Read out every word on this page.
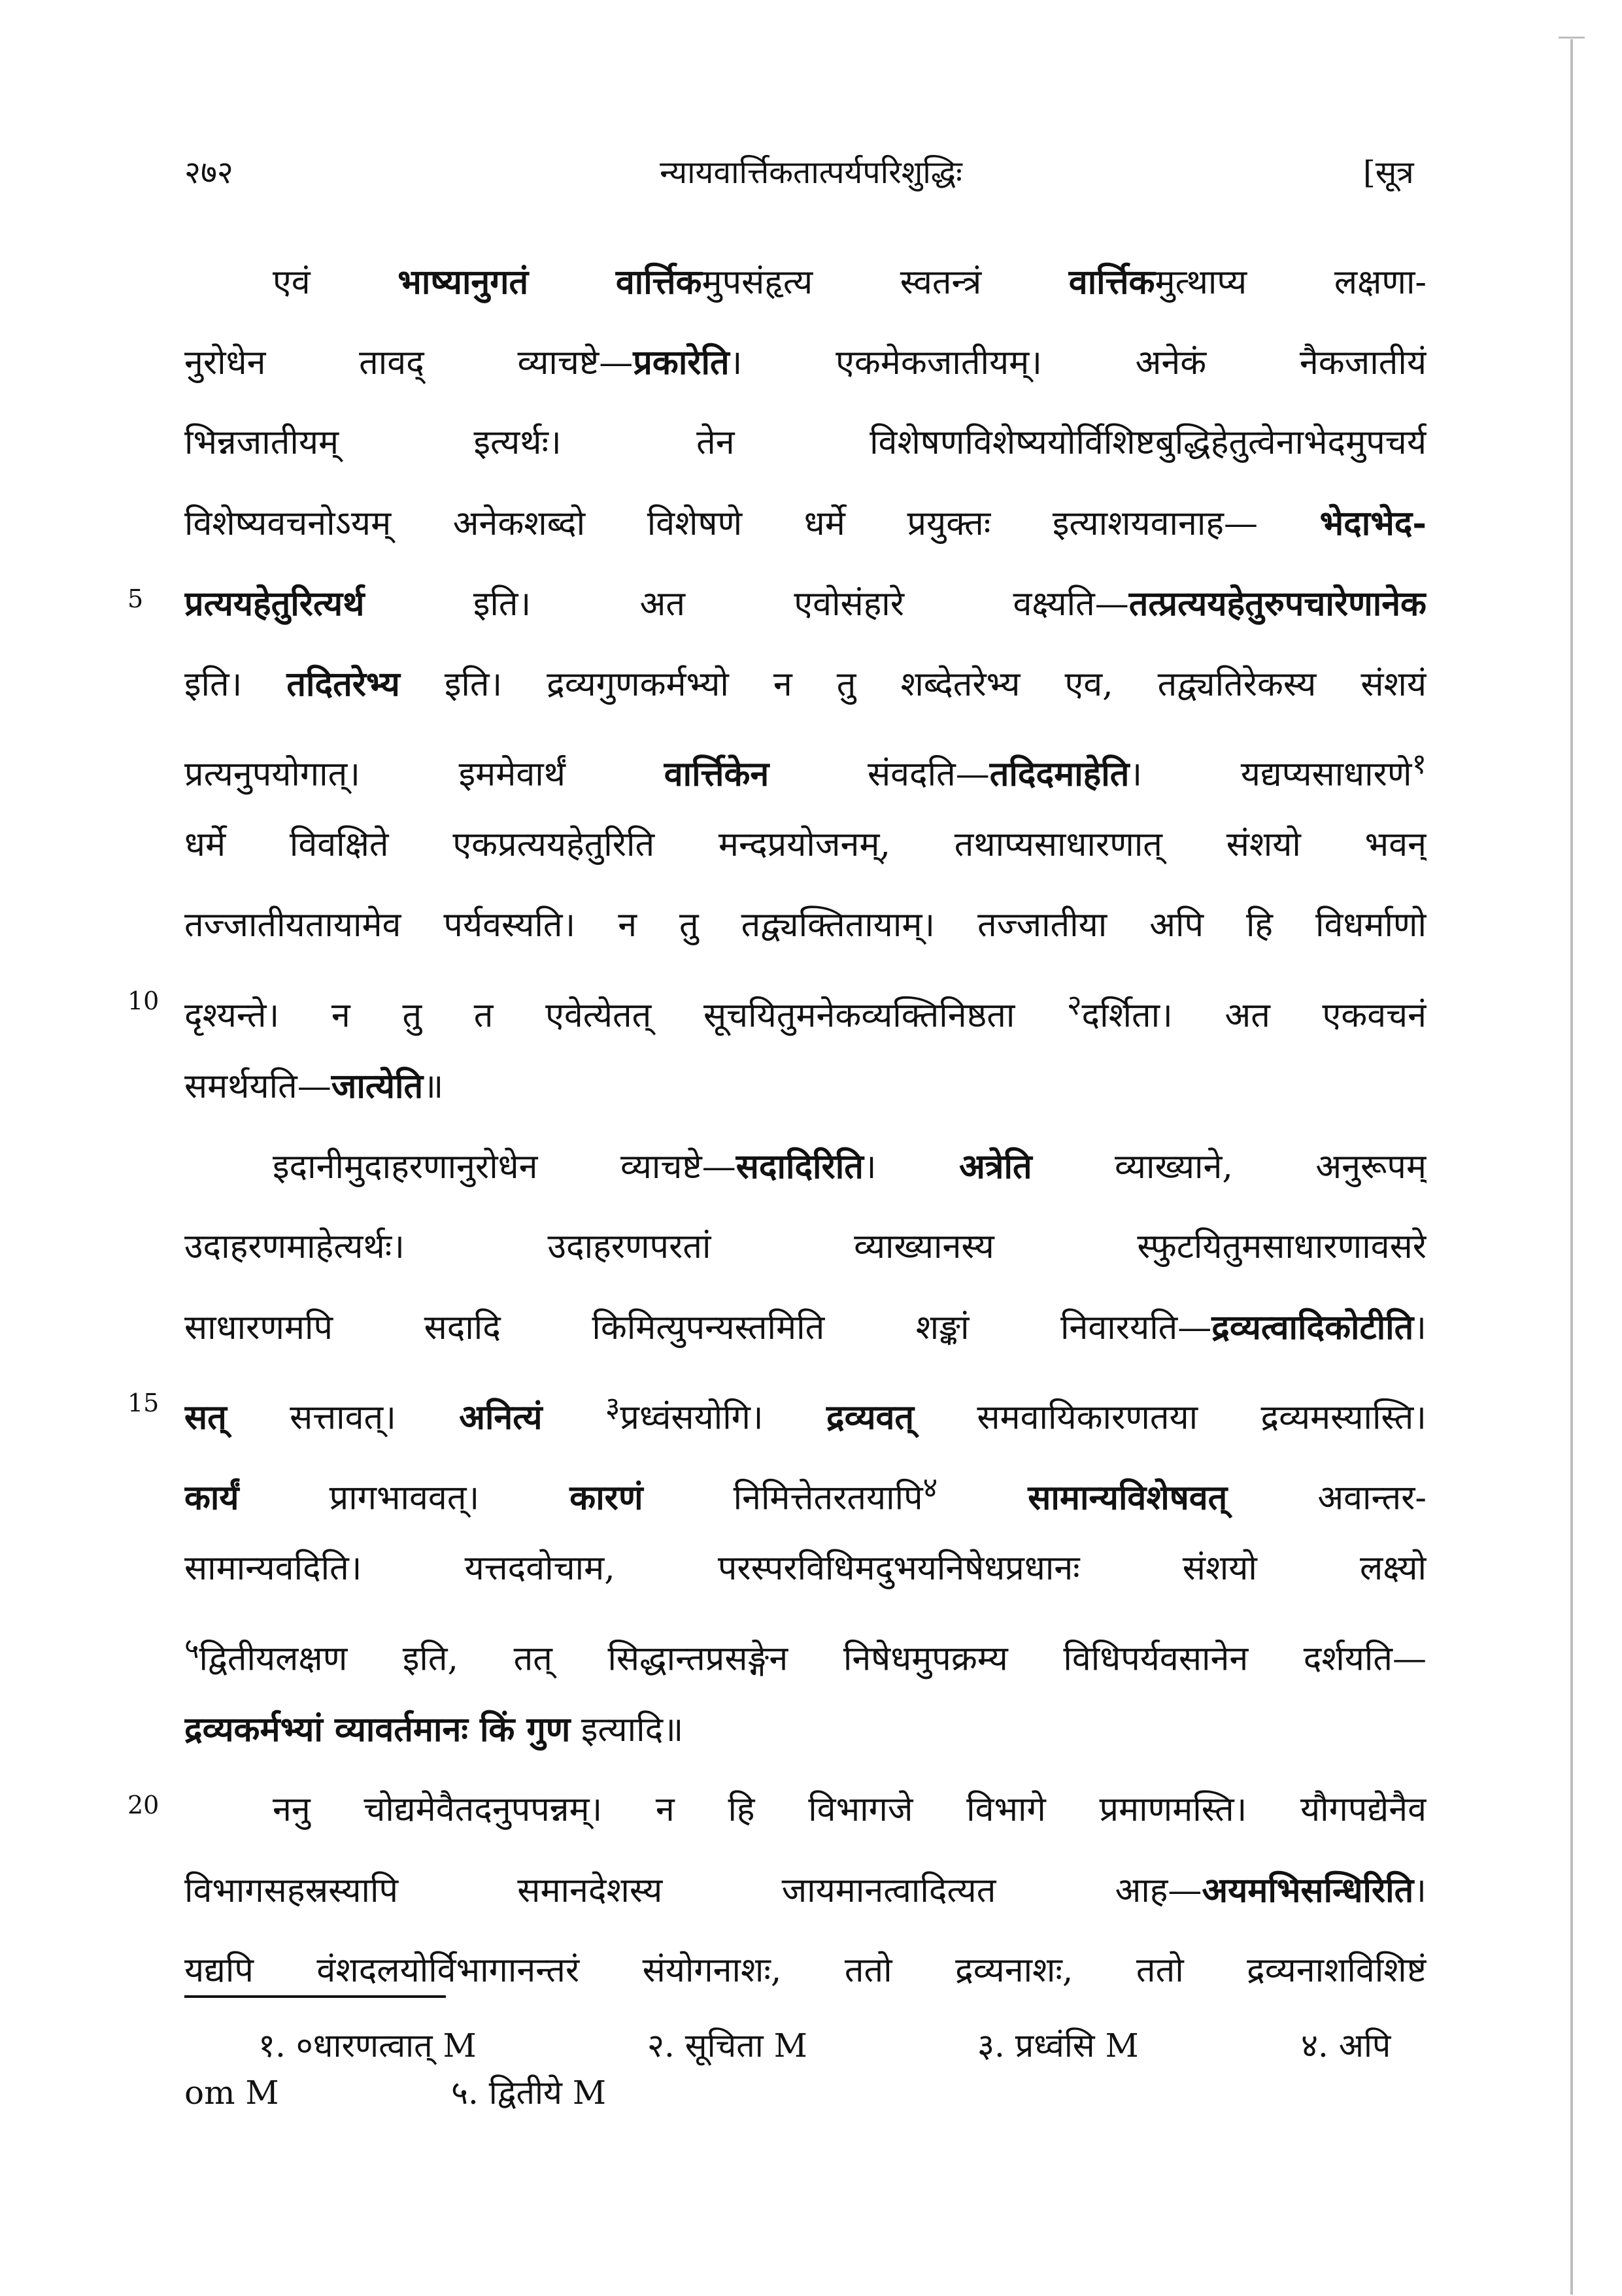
२७२	न्यायवार्त्तिकतात्पर्यपरिशुद्धिः	[सूत्र
5
10
15
20
एवं भाष्यानुगतं	वार्त्तिकमुपसंहृत्य स्वतन्त्रं वार्त्तिकमुत्थाप्य लक्षणा-
नुरोधेन तावद् व्याचष्टे—प्रकारेति। एकमेकजातीयम्। अनेकं नैकजातीयं
भिन्नजातीयम् इत्यर्थः। तेन विशेषणविशेष्ययोर्विशिष्टबुद्धिहेतुत्वेनाभेदमुपचर्य
विशेष्यवचनोऽयम् अनेकशब्दो विशेषणे धर्मे प्रयुक्तः इत्याशयवानाह— भेदाभेद-
प्रत्ययहेतुरित्यर्थ इति। अत एवोसंहारे वक्ष्यति—तत्प्रत्ययहेतुरुपचारेणानेक
इति। तदितरेभ्य इति। द्रव्यगुणकर्मभ्यो न तु शब्देतरेभ्य एव, तद्व्यतिरेकस्य संशयं
प्रत्यनुपयोगात्। इममेवार्थं वार्त्तिकेन संवदति—तदिदमाहेति। यद्यप्यसाधारणे$^१$
धर्मे विवक्षिते एकप्रत्ययहेतुरिति मन्दप्रयोजनम्, तथाप्यसाधारणात् संशयो भवन्
तज्जातीयतायामेव पर्यवस्यति। न तु तद्व्यक्तितायाम्। तज्जातीया अपि हि विधर्माणो
दृश्यन्ते। न तु त एवेत्येतत् सूचयितुमनेकव्यक्तिनिष्ठता $^२$दर्शिता। अत एकवचनं
समर्थयति—जात्येति॥
इदानीमुदाहरणानुरोधेन व्याचष्टे—सदादिरिति। अत्रेति व्याख्याने, अनुरूपम्
उदाहरणमाहेत्यर्थः। उदाहरणपरतां व्याख्यानस्य स्फुटयितुमसाधारणावसरे
साधारणमपि सदादि किमित्युपन्यस्तमिति शङ्कां निवारयति—द्रव्यत्वादिकोटीति।
सत् सत्तावत्। अनित्यं $^३$प्रध्वंसयोगि। द्रव्यवत् समवायिकारणतया द्रव्यमस्यास्ति।
कार्यं प्रागभाववत्। कारणं निमित्तेतरतयापि$^४$	सामान्यविशेषवत् अवान्तर-
सामान्यवदिति। यत्तदवोचाम, परस्परविधिमदुभयनिषेधप्रधानः संशयो लक्ष्यो
$^५$द्वितीयलक्षण इति, तत् सिद्धान्तप्रसङ्गेन निषेधमुपक्रम्य विधिपर्यवसानेन दर्शयति—
द्रव्यकर्मभ्यां व्यावर्तमानः किं गुण इत्यादि॥
ननु चोद्यमेवैतदनुपपन्नम्। न हि विभागजे विभागे प्रमाणमस्ति। यौगपद्येनैव
विभागसहस्रस्यापि समानदेशस्य जायमानत्वादित्यत आह—अयमभिसन्धिरिति।
यद्यपि वंशदलयोर्विभागानन्तरं संयोगनाशः, ततो द्रव्यनाशः, ततो द्रव्यनाशविशिष्टं
१. ०धारणत्वात् M	२. सूचिता M	३. प्रध्वंसि M	४. अपि
om M	५. द्वितीये M
